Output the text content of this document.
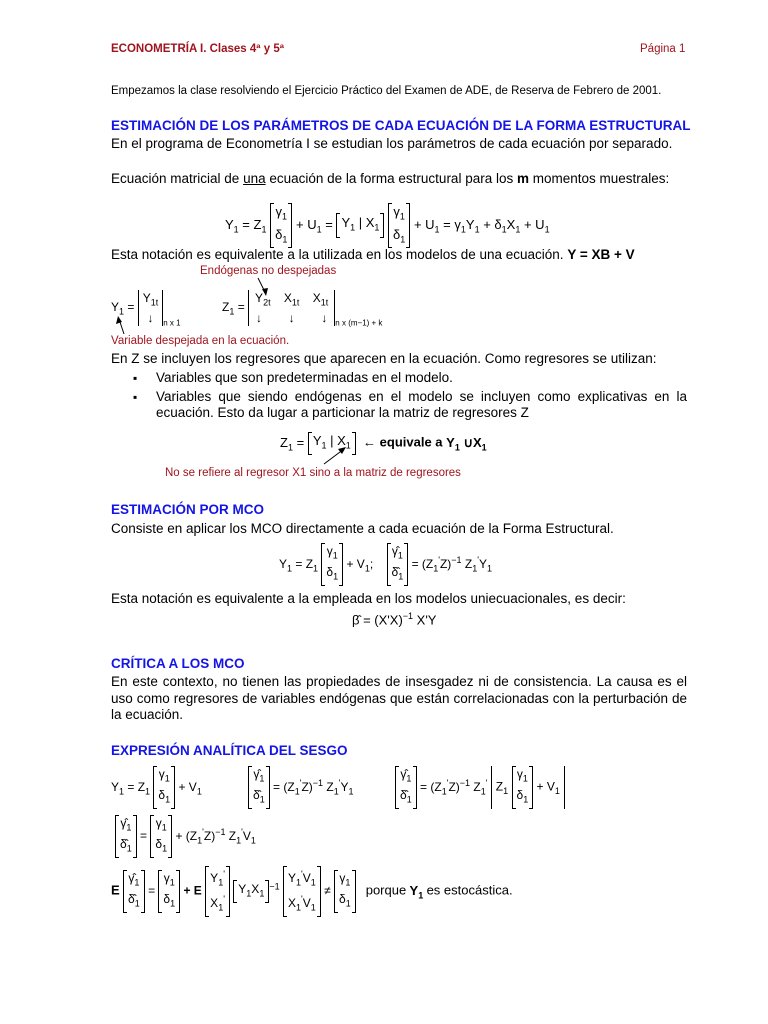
ECONOMETRÍA I. Clases 4ª y 5ª	Página 1
Empezamos la clase resolviendo el Ejercicio Práctico del Examen de ADE, de Reserva de Febrero de 2001.
ESTIMACIÓN DE LOS PARÁMETROS DE CADA ECUACIÓN DE LA FORMA ESTRUCTURAL
En el programa de Econometría I se estudian los parámetros de cada ecuación por separado.
Ecuación matricial de una ecuación de la forma estructural para los m momentos muestrales:
$Y_1 = Z_1$ $\gamma_1$
$\delta_1 + U_1 = Y_1$ | $X_1$ $\gamma_1$
$\delta_1 + U_1 = \gamma_1Y_1 + \delta_1X_1 + U_1$
Esta notación es equivalente a la utilizada en los modelos de una ecuación. Y = XB + V
Endógenas no despejadas
$Y_1 = Y_{1t}$
↓ $_{n x 1}$
$Z_1 = Y_{2t}$    $X_{1t}$    $X_{1t}$
↓        ↓        ↓ $_{n x (m-1) + k}$
Variable despejada en la ecuación.
En Z se incluyen los regresores que aparecen en la ecuación. Como regresores se utilizan:
▪ Variables que son predeterminadas en el modelo.
▪ Variables que siendo endógenas en el modelo se incluyen como explicativas en la ecuación. Esto da lugar a particionar la matriz de regresores Z
$Z_1 = Y_1$ | $X_1$ ← equivale a $Y_1$ $\cup X_1$
No se refiere al regresor X1 sino a la matriz de regresores
ESTIMACIÓN POR MCO
Consiste en aplicar los MCO directamente a cada ecuación de la Forma Estructural.
$Y_1 = Z_1$ $\gamma_1$
$\delta_1 + V_1$;    $\gammâ_1$
$\deltâ_1 = (Z_1'Z)^{-1}$ $Z_1'Y_1$
Esta notación es equivalente a la empleada en los modelos uniecuacionales, es decir:
β̂ = $(X'X)^{-1}$ X'Y
CRÍTICA A LOS MCO
En este contexto, no tienen las propiedades de insesgadez ni de consistencia. La causa es el uso como regresores de variables endógenas que están correlacionadas con la perturbación de la ecuación.
EXPRESIÓN ANALÍTICA DEL SESGO
$Y_1 = Z_1$ $\gamma_1$
$\delta_1 + V_1$
$\gammâ_1$
$\deltâ_1 = (Z_1'Z)^{-1}$ $Z_1'Y_1$
$\gammâ_1$
$\deltâ_1 = (Z_1'Z)^{-1}$ $Z_1'$ $Z_1$ $\gamma_1$
$\delta_1 + V_1$
$\gammâ_1$
$\deltâ_1 = \gamma_1$
$\delta_1 + (Z_1'Z)^{-1}$ $Z_1'V_1$
E $\gammâ_1$
$\deltâ_1 = \gamma_1$
$\delta_1 + E$ $Y_1'$
$X_1'$ $Y_1X_1^{-1}$ $Y_1'V_1$
$X_1'V_1 \ne \gamma_1$
$\delta_1$   porque $Y_1$ es estocástica.
